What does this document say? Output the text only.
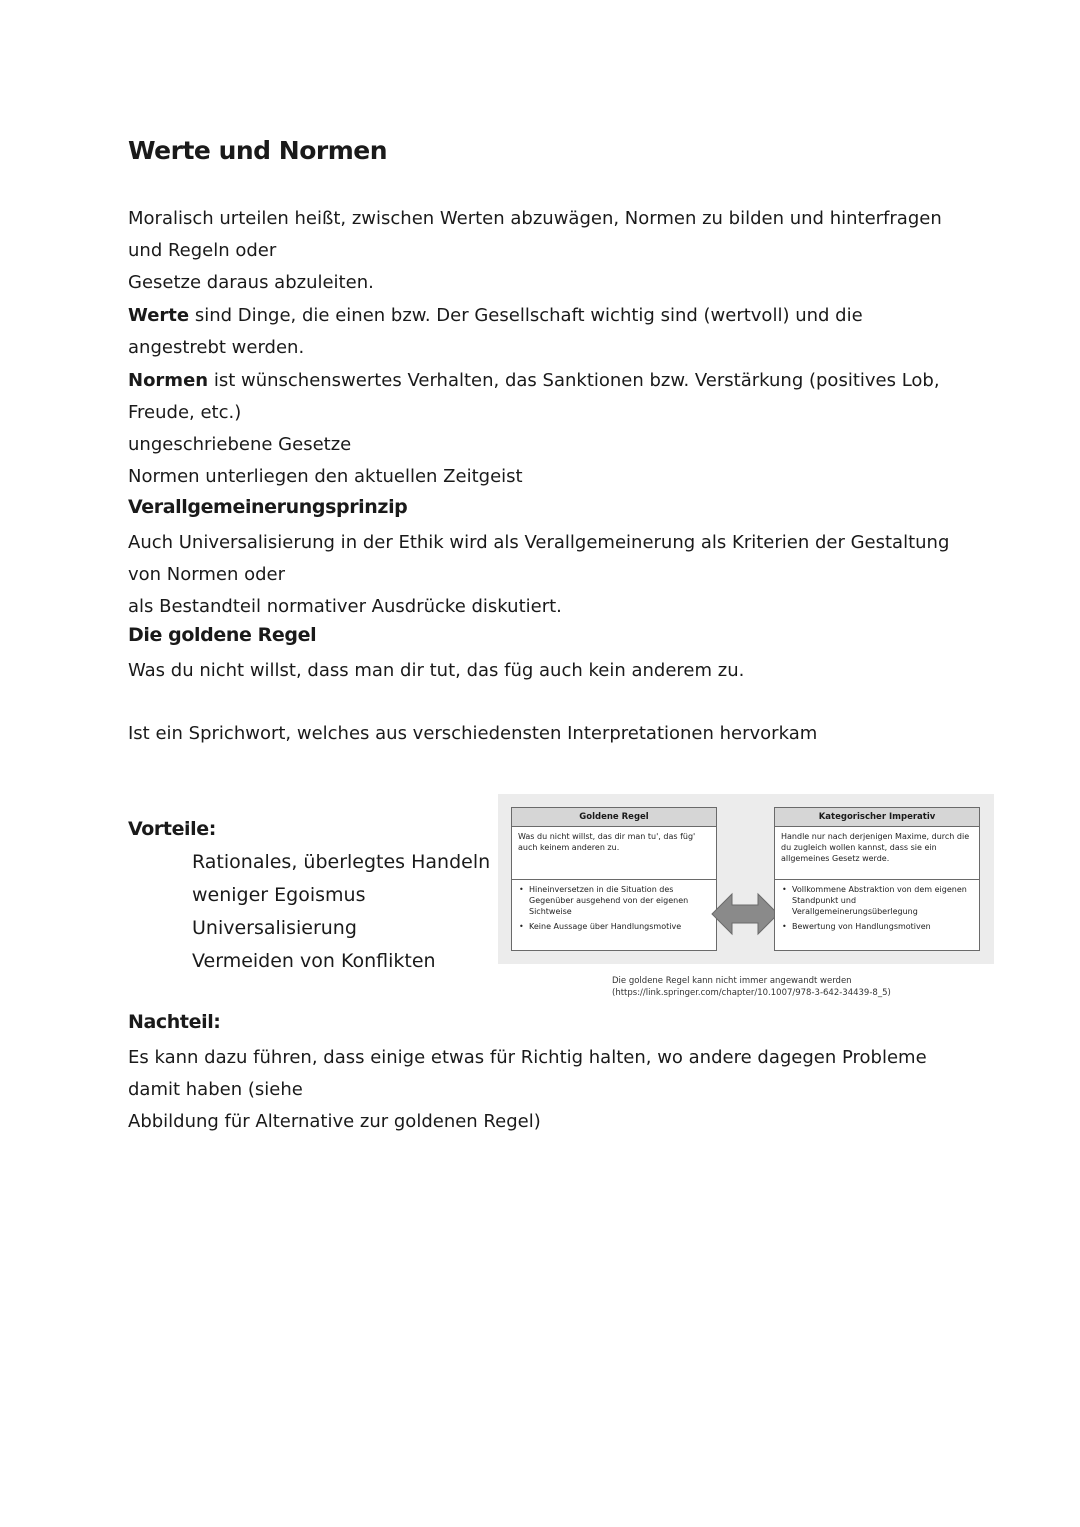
Werte und Normen
Moralisch urteilen heißt, zwischen Werten abzuwägen, Normen zu bilden und hinterfragen und Regeln oder
Gesetze daraus abzuleiten.
Werte sind Dinge, die einen bzw. Der Gesellschaft wichtig sind (wertvoll) und die angestrebt werden.
Normen ist wünschenswertes Verhalten, das Sanktionen bzw. Verstärkung (positives Lob, Freude, etc.)
ungeschriebene Gesetze
Normen unterliegen den aktuellen Zeitgeist
Verallgemeinerungsprinzip
Auch Universalisierung in der Ethik wird als Verallgemeinerung als Kriterien der Gestaltung von Normen oder
als Bestandteil normativer Ausdrücke diskutiert.
Die goldene Regel
Was du nicht willst, dass man dir tut, das füg auch kein anderem zu.
Ist ein Sprichwort, welches aus verschiedensten Interpretationen hervorkam
Vorteile:
Rationales, überlegtes Handeln
weniger Egoismus
Universalisierung
Vermeiden von Konflikten
Goldene Regel
Was du nicht willst, das dir man tu', das füg' auch keinem anderen zu.
• Hineinversetzen in die Situation des Gegenüber ausgehend von der eigenen Sichtweise
• Keine Aussage über Handlungsmotive
Kategorischer Imperativ
Handle nur nach derjenigen Maxime, durch die du zugleich wollen kannst, dass sie ein allgemeines Gesetz werde.
• Vollkommene Abstraktion von dem eigenen Standpunkt und Verallgemeinerungsüberlegung
• Bewertung von Handlungsmotiven
Die goldene Regel kann nicht immer angewandt werden
(https://link.springer.com/chapter/10.1007/978-3-642-34439-8_5)
Nachteil:
Es kann dazu führen, dass einige etwas für Richtig halten, wo andere dagegen Probleme damit haben (siehe
Abbildung für Alternative zur goldenen Regel)
